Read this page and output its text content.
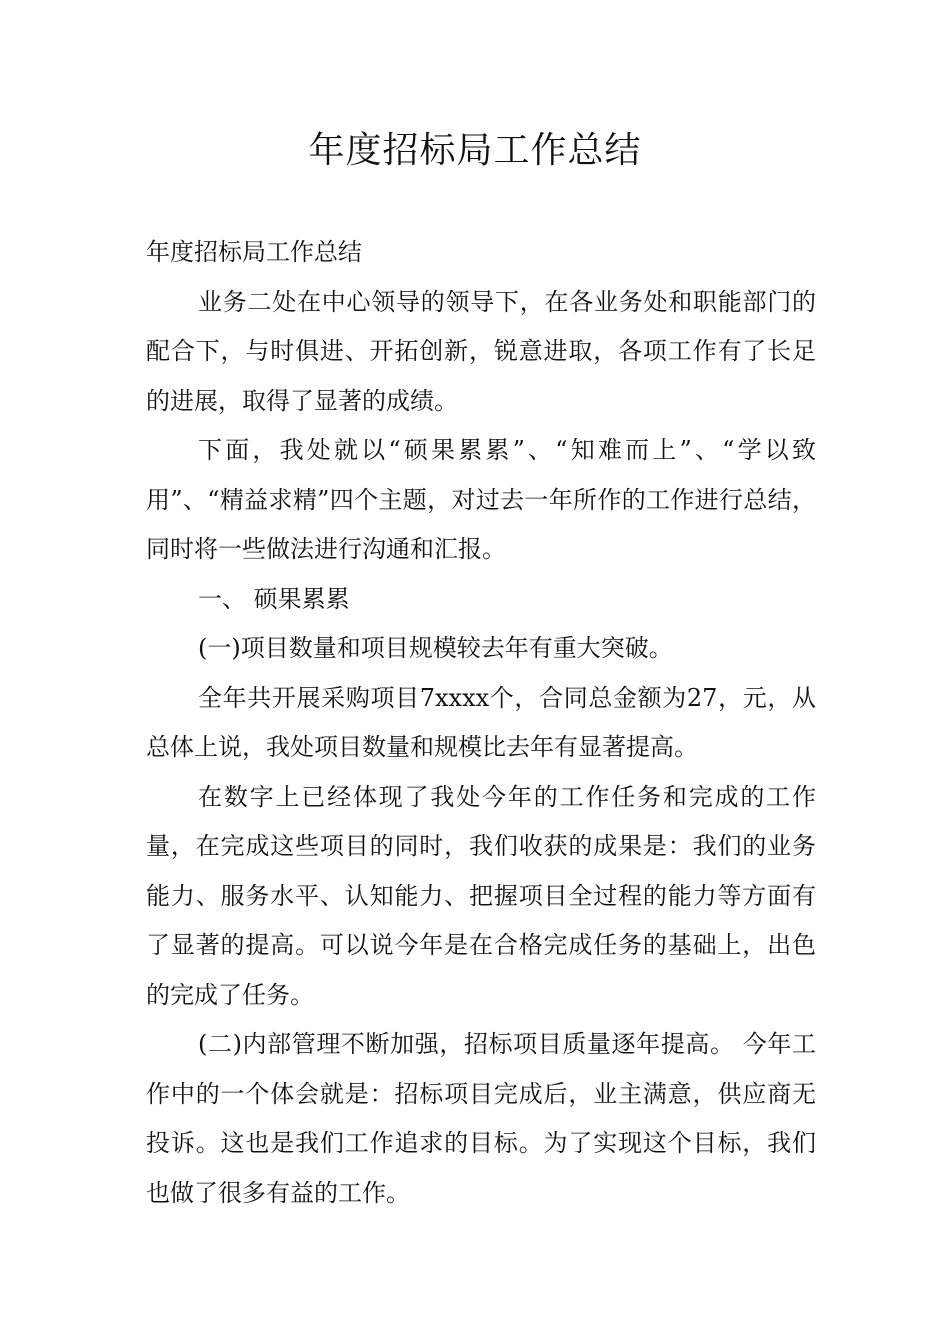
年度招标局工作总结

年度招标局工作总结

业务二处在中心领导的领导下，在各业务处和职能部门的配合下，与时俱进、开拓创新，锐意进取，各项工作有了长足的进展，取得了显著的成绩。

下面，我处就以“硕果累累”、“知难而上”、“学以致用”、“精益求精”四个主题，对过去一年所作的工作进行总结，同时将一些做法进行沟通和汇报。

一、 硕果累累

(一)项目数量和项目规模较去年有重大突破。

全年共开展采购项目7xxxx个，合同总金额为27，元，从总体上说，我处项目数量和规模比去年有显著提高。

在数字上已经体现了我处今年的工作任务和完成的工作量，在完成这些项目的同时，我们收获的成果是：我们的业务能力、服务水平、认知能力、把握项目全过程的能力等方面有了显著的提高。可以说今年是在合格完成任务的基础上，出色的完成了任务。

(二)内部管理不断加强，招标项目质量逐年提高。 今年工作中的一个体会就是：招标项目完成后，业主满意，供应商无投诉。这也是我们工作追求的目标。为了实现这个目标，我们也做了很多有益的工作。
